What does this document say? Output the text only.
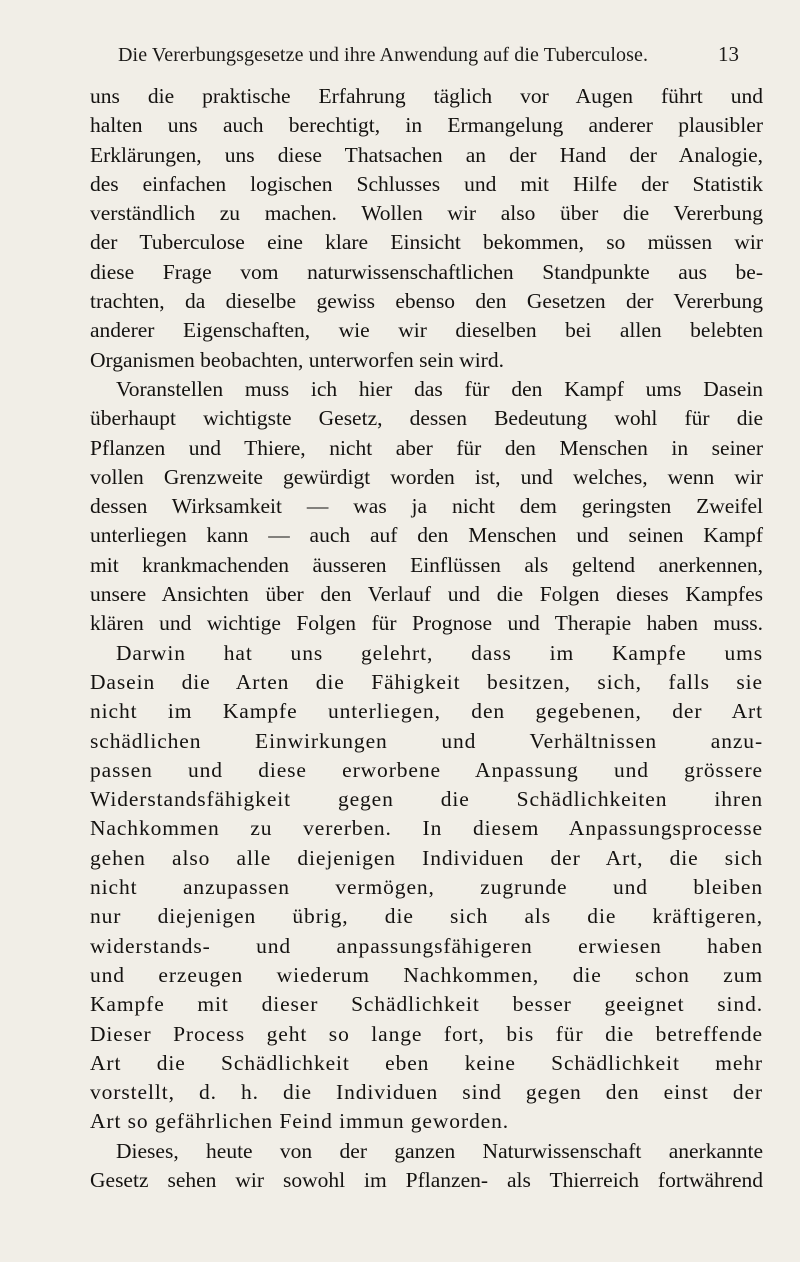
Die Vererbungsgesetze und ihre Anwendung auf die Tuberculose.	13
uns die praktische Erfahrung täglich vor Augen führt und
halten uns auch berechtigt, in Ermangelung anderer plausibler
Erklärungen, uns diese Thatsachen an der Hand der Analogie,
des einfachen logischen Schlusses und mit Hilfe der Statistik
verständlich zu machen. Wollen wir also über die Vererbung
der Tuberculose eine klare Einsicht bekommen, so müssen wir
diese Frage vom naturwissenschaftlichen Standpunkte aus be-
trachten, da dieselbe gewiss ebenso den Gesetzen der Vererbung
anderer Eigenschaften, wie wir dieselben bei allen belebten
Organismen beobachten, unterworfen sein wird.
Voranstellen muss ich hier das für den Kampf ums Dasein
überhaupt wichtigste Gesetz, dessen Bedeutung wohl für die
Pflanzen und Thiere, nicht aber für den Menschen in seiner
vollen Grenzweite gewürdigt worden ist, und welches, wenn wir
dessen Wirksamkeit — was ja nicht dem geringsten Zweifel
unterliegen kann — auch auf den Menschen und seinen Kampf
mit krankmachenden äusseren Einflüssen als geltend anerkennen,
unsere Ansichten über den Verlauf und die Folgen dieses Kampfes
klären und wichtige Folgen für Prognose und Therapie haben muss.
Darwin hat uns gelehrt, dass im Kampfe ums
Dasein die Arten die Fähigkeit besitzen, sich, falls sie
nicht im Kampfe unterliegen, den gegebenen, der Art
schädlichen Einwirkungen und Verhältnissen anzu-
passen und diese erworbene Anpassung und grössere
Widerstandsfähigkeit gegen die Schädlichkeiten ihren
Nachkommen zu vererben. In diesem Anpassungsprocesse
gehen also alle diejenigen Individuen der Art, die sich
nicht anzupassen vermögen, zugrunde und bleiben
nur diejenigen übrig, die sich als die kräftigeren,
widerstands- und anpassungsfähigeren erwiesen haben
und erzeugen wiederum Nachkommen, die schon zum
Kampfe mit dieser Schädlichkeit besser geeignet sind.
Dieser Process geht so lange fort, bis für die betreffende
Art die Schädlichkeit eben keine Schädlichkeit mehr
vorstellt, d. h. die Individuen sind gegen den einst der
Art so gefährlichen Feind immun geworden.
Dieses, heute von der ganzen Naturwissenschaft anerkannte
Gesetz sehen wir sowohl im Pflanzen- als Thierreich fortwährend
